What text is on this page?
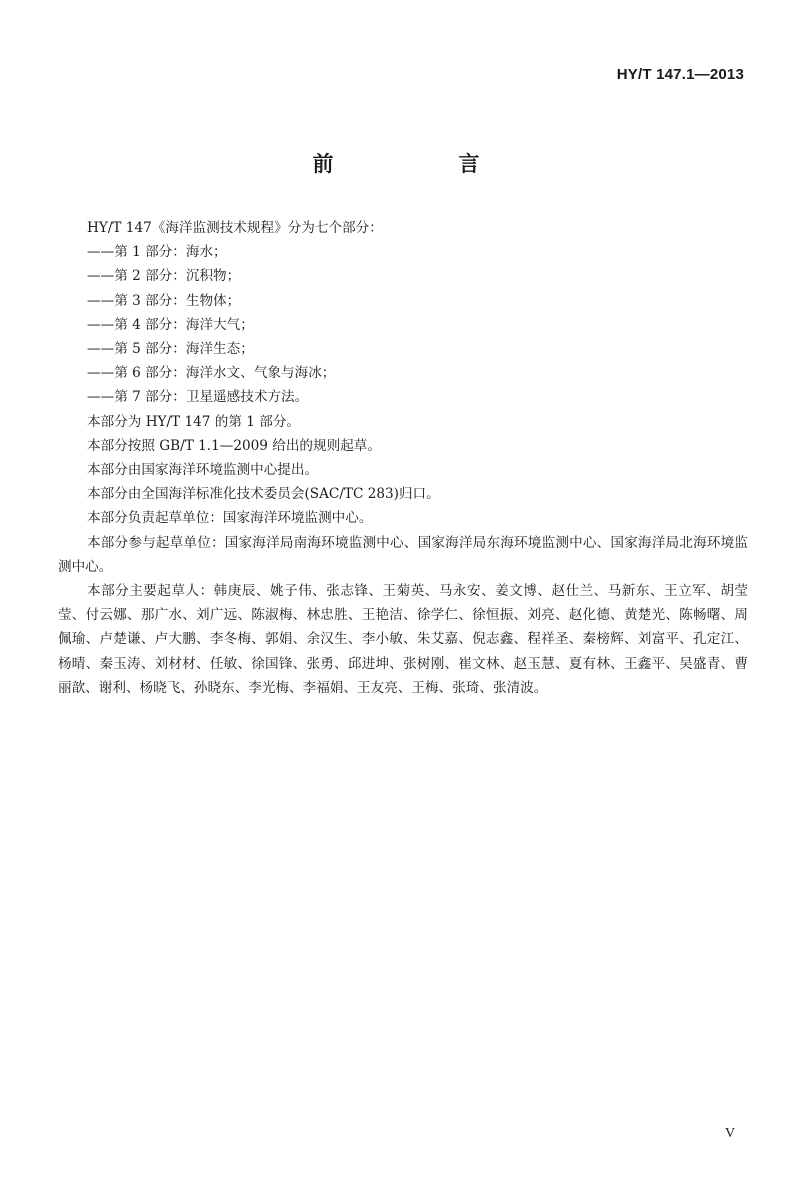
HY/T 147.1—2013
前　言

HY/T 147《海洋监测技术规程》分为七个部分：

——第 1 部分：海水；
——第 2 部分：沉积物；
——第 3 部分：生物体；
——第 4 部分：海洋大气；
——第 5 部分：海洋生态；
——第 6 部分：海洋水文、气象与海冰；
——第 7 部分：卫星遥感技术方法。

本部分为 HY/T 147 的第 1 部分。

本部分按照 GB/T 1.1—2009 给出的规则起草。

本部分由国家海洋环境监测中心提出。

本部分由全国海洋标准化技术委员会(SAC/TC 283)归口。

本部分负责起草单位：国家海洋环境监测中心。

本部分参与起草单位：国家海洋局南海环境监测中心、国家海洋局东海环境监测中心、国家海洋局北海环境监测中心。

本部分主要起草人：韩庚辰、姚子伟、张志锋、王菊英、马永安、姜文博、赵仕兰、马新东、王立军、胡莹莹、付云娜、那广水、刘广远、陈淑梅、林忠胜、王艳洁、徐学仁、徐恒振、刘亮、赵化德、黄楚光、陈畅曙、周佩瑜、卢楚谦、卢大鹏、李冬梅、郭娟、余汉生、李小敏、朱艾嘉、倪志鑫、程祥圣、秦榜辉、刘富平、孔定江、杨晴、秦玉涛、刘材材、任敏、徐国锋、张勇、邱进坤、张树刚、崔文林、赵玉慧、夏有林、王鑫平、吴盛青、曹丽歆、谢利、杨晓飞、孙晓东、李光梅、李福娟、王友亮、王梅、张琦、张清波。

V
